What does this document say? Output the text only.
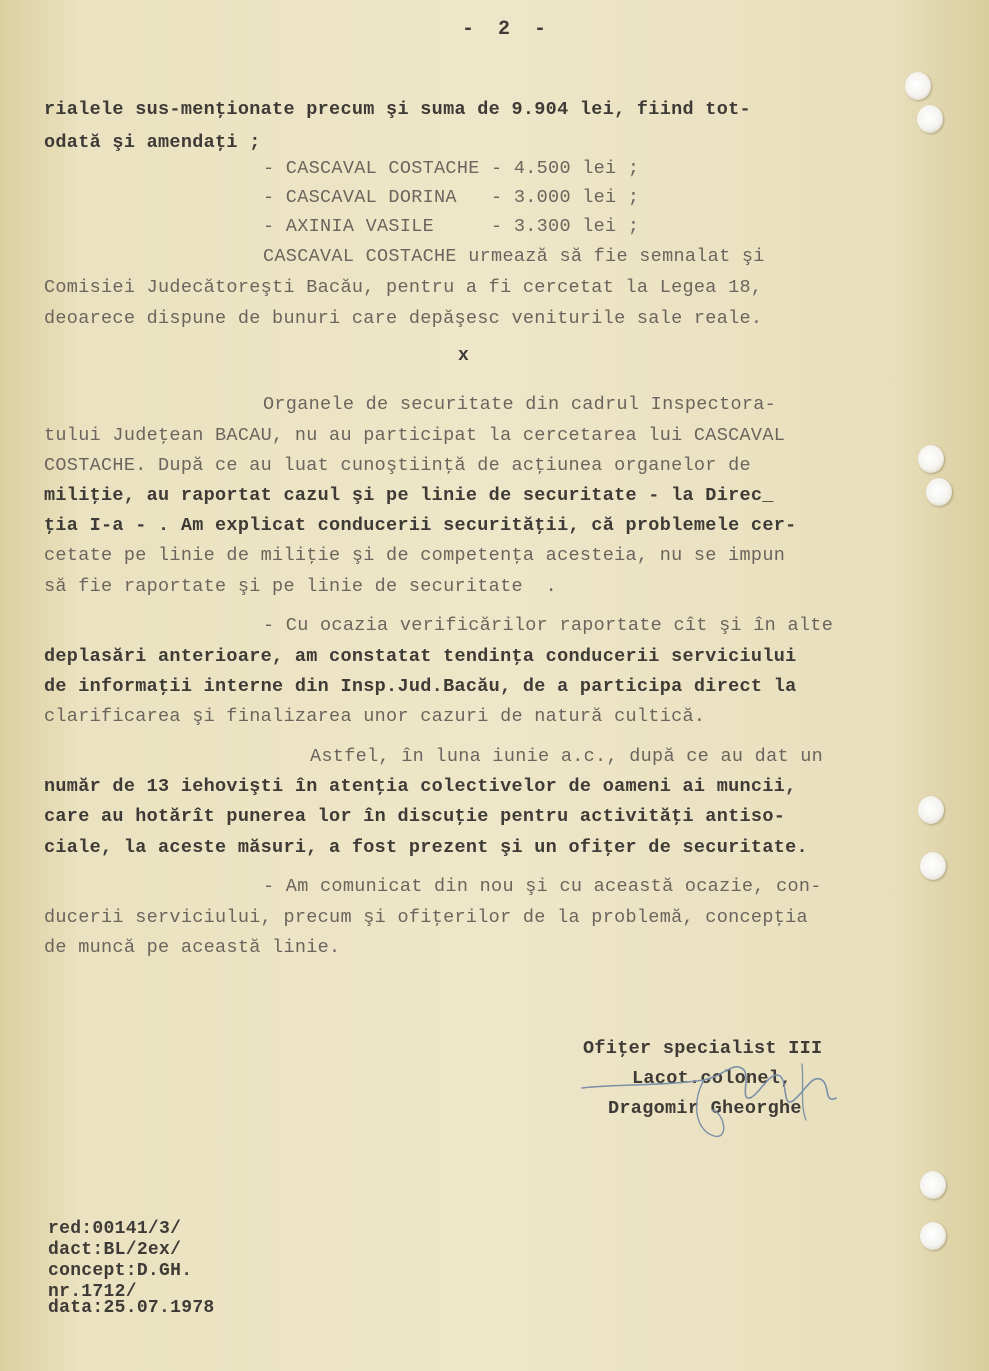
- 2 -
rialele sus-menţionate precum şi suma de 9.904 lei, fiind tot-
odată şi amendaţi ;
- CASCAVAL COSTACHE - 4.500 lei ;
- CASCAVAL DORINA   - 3.000 lei ;
- AXINIA VASILE     - 3.300 lei ;
CASCAVAL COSTACHE urmează să fie semnalat şi
Comisiei Judecătoreşti Bacău, pentru a fi cercetat la Legea 18,
deoarece dispune de bunuri care depăşesc veniturile sale reale.
x
Organele de securitate din cadrul Inspectora-
tului Judeţean BACAU, nu au participat la cercetarea lui CASCAVAL
COSTACHE. După ce au luat cunoştiinţă de acţiunea organelor de
miliţie, au raportat cazul şi pe linie de securitate - la Direc_
ţia I-a - . Am explicat conducerii securităţii, că problemele cer-
cetate pe linie de miliţie şi de competenţa acesteia, nu se impun
să fie raportate şi pe linie de securitate  .
- Cu ocazia verificărilor raportate cît şi în alte
deplasări anterioare, am constatat tendinţa conducerii serviciului
de informaţii interne din Insp.Jud.Bacău, de a participa direct la
clarificarea şi finalizarea unor cazuri de natură cultică.
Astfel, în luna iunie a.c., după ce au dat un
număr de 13 iehovişti în atenţia colectivelor de oameni ai muncii,
care au hotărît punerea lor în discuţie pentru activităţi antiso-
ciale, la aceste măsuri, a fost prezent şi un ofiţer de securitate.
- Am comunicat din nou şi cu această ocazie, con-
ducerii serviciului, precum şi ofiţerilor de la problemă, concepţia
de muncă pe această linie.
Ofiţer specialist III
Lacot.colonel,
Dragomir Gheorghe
red:00141/3/
dact:BL/2ex/
concept:D.GH.
nr.1712/
data:25.07.1978
